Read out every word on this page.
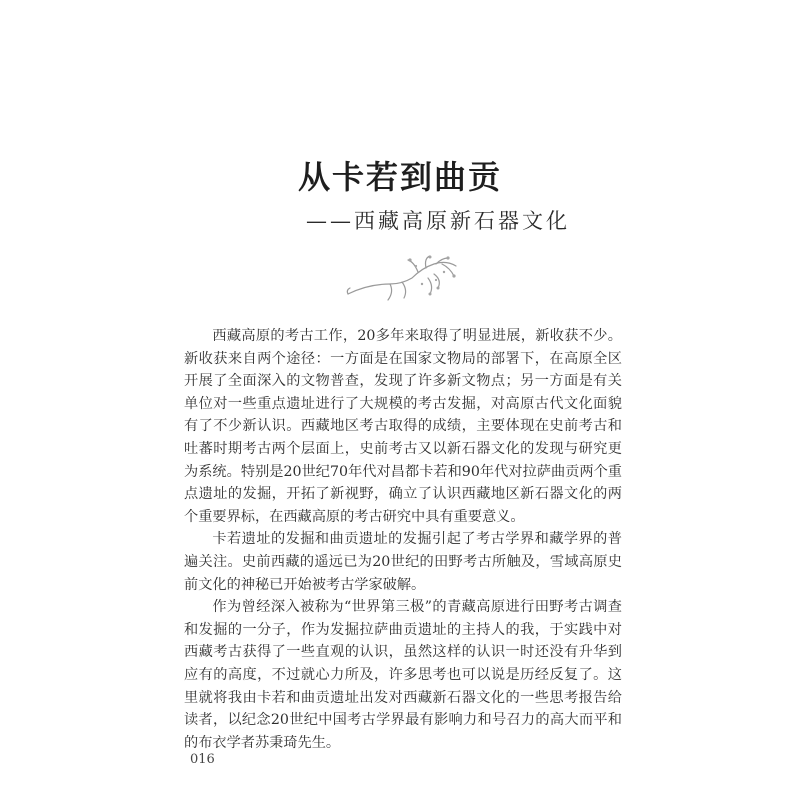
从卡若到曲贡
——西藏高原新石器文化

西藏高原的考古工作，20多年来取得了明显进展，新收获不少。新收获来自两个途径：一方面是在国家文物局的部署下，在高原全区开展了全面深入的文物普查，发现了许多新文物点；另一方面是有关单位对一些重点遗址进行了大规模的考古发掘，对高原古代文化面貌有了不少新认识。西藏地区考古取得的成绩，主要体现在史前考古和吐蕃时期考古两个层面上，史前考古又以新石器文化的发现与研究更为系统。特别是20世纪70年代对昌都卡若和90年代对拉萨曲贡两个重点遗址的发掘，开拓了新视野，确立了认识西藏地区新石器文化的两个重要界标，在西藏高原的考古研究中具有重要意义。

卡若遗址的发掘和曲贡遗址的发掘引起了考古学界和藏学界的普遍关注。史前西藏的遥远已为20世纪的田野考古所触及，雪域高原史前文化的神秘已开始被考古学家破解。

作为曾经深入被称为“世界第三极”的青藏高原进行田野考古调查和发掘的一分子，作为发掘拉萨曲贡遗址的主持人的我，于实践中对西藏考古获得了一些直观的认识，虽然这样的认识一时还没有升华到应有的高度，不过就心力所及，许多思考也可以说是历经反复了。这里就将我由卡若和曲贡遗址出发对西藏新石器文化的一些思考报告给读者，以纪念20世纪中国考古学界最有影响力和号召力的高大而平和的布衣学者苏秉琦先生。

016
